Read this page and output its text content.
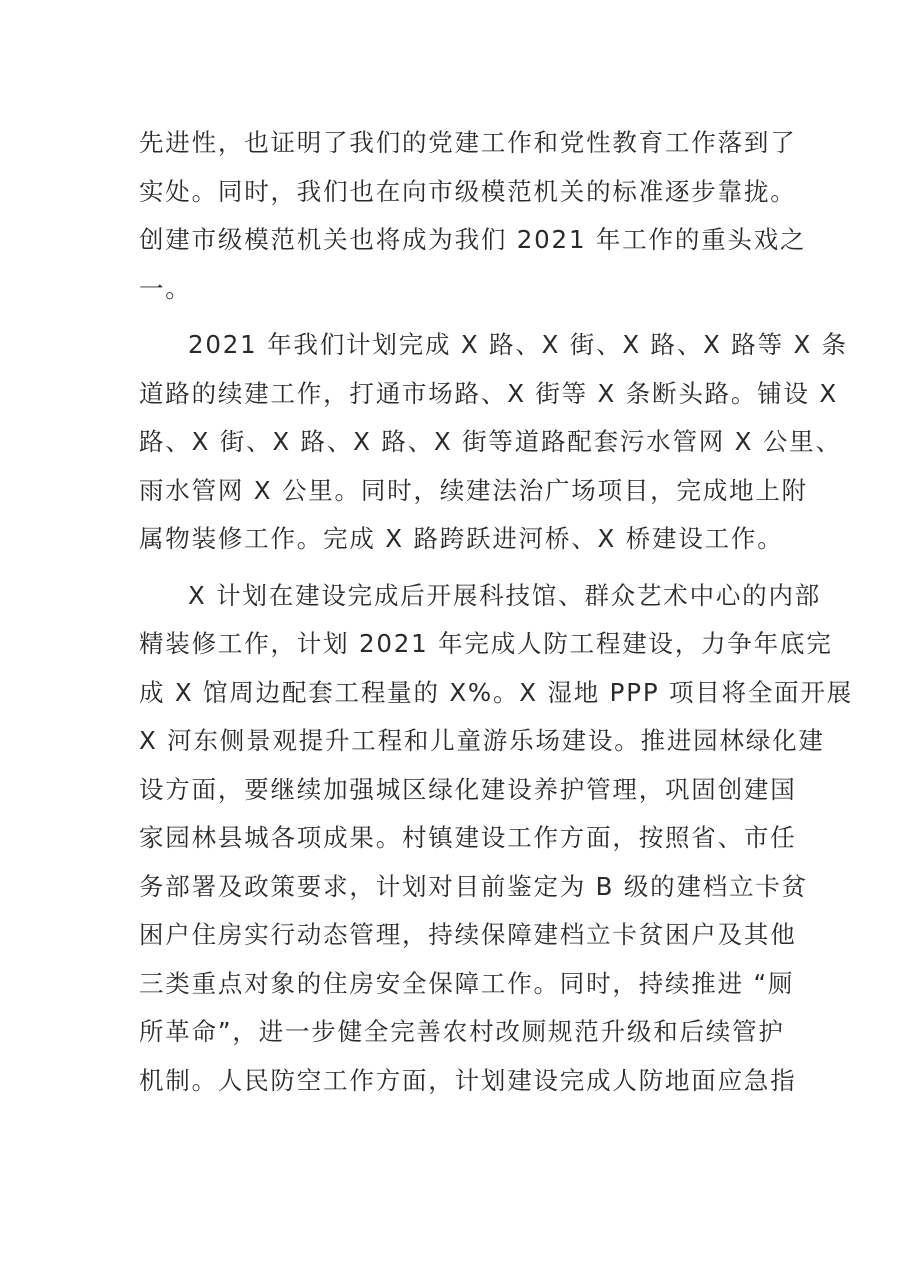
先进性，也证明了我们的党建工作和党性教育工作落到了
实处。同时，我们也在向市级模范机关的标准逐步靠拢。
创建市级模范机关也将成为我们 2021 年工作的重头戏之
一。
2021 年我们计划完成 X 路、X 街、X 路、X 路等 X 条
道路的续建工作，打通市场路、X 街等 X 条断头路。铺设 X
路、X 街、X 路、X 路、X 街等道路配套污水管网 X 公里、
雨水管网 X 公里。同时，续建法治广场项目，完成地上附
属物装修工作。完成 X 路跨跃进河桥、X 桥建设工作。
X 计划在建设完成后开展科技馆、群众艺术中心的内部
精装修工作，计划 2021 年完成人防工程建设，力争年底完
成 X 馆周边配套工程量的 X%。X 湿地 PPP 项目将全面开展
X 河东侧景观提升工程和儿童游乐场建设。推进园林绿化建
设方面，要继续加强城区绿化建设养护管理，巩固创建国
家园林县城各项成果。村镇建设工作方面，按照省、市任
务部署及政策要求，计划对目前鉴定为 B 级的建档立卡贫
困户住房实行动态管理，持续保障建档立卡贫困户及其他
三类重点对象的住房安全保障工作。同时，持续推进 “厕
所革命”，进一步健全完善农村改厕规范升级和后续管护
机制。人民防空工作方面，计划建设完成人防地面应急指
